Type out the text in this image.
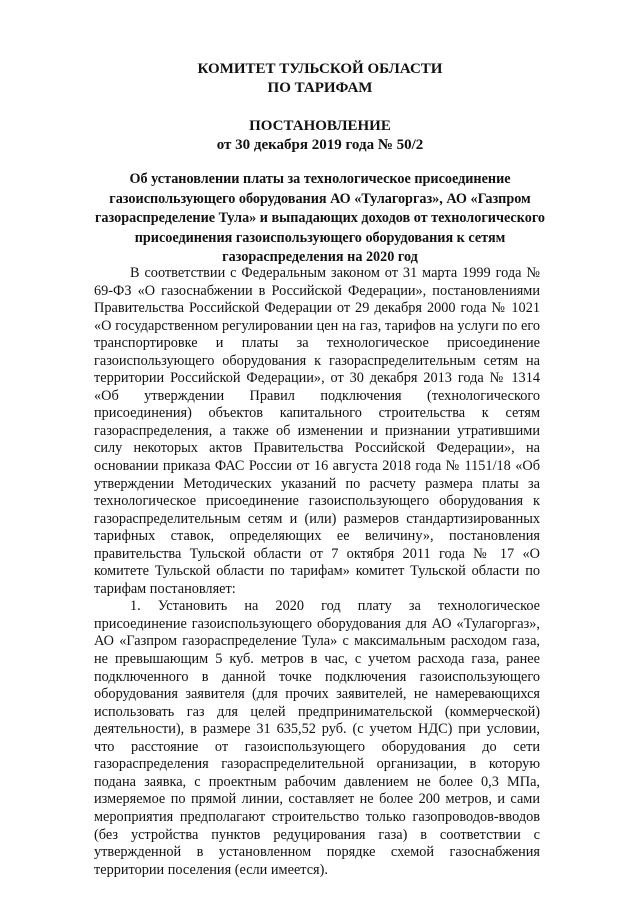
КОМИТЕТ ТУЛЬСКОЙ ОБЛАСТИ
ПО ТАРИФАМ
ПОСТАНОВЛЕНИЕ
от 30 декабря 2019 года № 50/2
Об установлении платы за технологическое присоединение
газоиспользующего оборудования АО «Тулагоргаз», АО «Газпром
газораспределение Тула» и выпадающих доходов от технологического
присоединения газоиспользующего оборудования к сетям
газораспределения на 2020 год

В соответствии с Федеральным законом от 31 марта 1999 года № 69-ФЗ «О газоснабжении в Российской Федерации», постановлениями Правительства Российской Федерации от 29 декабря 2000 года № 1021 «О государственном регулировании цен на газ, тарифов на услуги по его транспортировке и платы за технологическое присоединение газоиспользующего оборудования к газораспределительным сетям на территории Российской Федерации», от 30 декабря 2013 года № 1314 «Об утверждении Правил подключения (технологического присоединения) объектов капитального строительства к сетям газораспределения, а также об изменении и признании утратившими силу некоторых актов Правительства Российской Федерации», на основании приказа ФАС России от 16 августа 2018 года № 1151/18 «Об утверждении Методических указаний по расчету размера платы за технологическое присоединение газоиспользующего оборудования к газораспределительным сетям и (или) размеров стандартизированных тарифных ставок, определяющих ее величину», постановления правительства Тульской области от 7 октября 2011 года № 17 «О комитете Тульской области по тарифам» комитет Тульской области по тарифам постановляет:

1. Установить на 2020 год плату за технологическое присоединение газоиспользующего оборудования для АО «Тулагоргаз», АО «Газпром газораспределение Тула» с максимальным расходом газа, не превышающим 5 куб. метров в час, с учетом расхода газа, ранее подключенного в данной точке подключения газоиспользующего оборудования заявителя (для прочих заявителей, не намеревающихся использовать газ для целей предпринимательской (коммерческой) деятельности), в размере 31 635,52 руб. (с учетом НДС) при условии, что расстояние от газоиспользующего оборудования до сети газораспределения газораспределительной организации, в которую подана заявка, с проектным рабочим давлением не более 0,3 МПа, измеряемое по прямой линии, составляет не более 200 метров, и сами мероприятия предполагают строительство только газопроводов-вводов (без устройства пунктов редуцирования газа) в соответствии с утвержденной в установленном порядке схемой газоснабжения территории поселения (если имеется).
